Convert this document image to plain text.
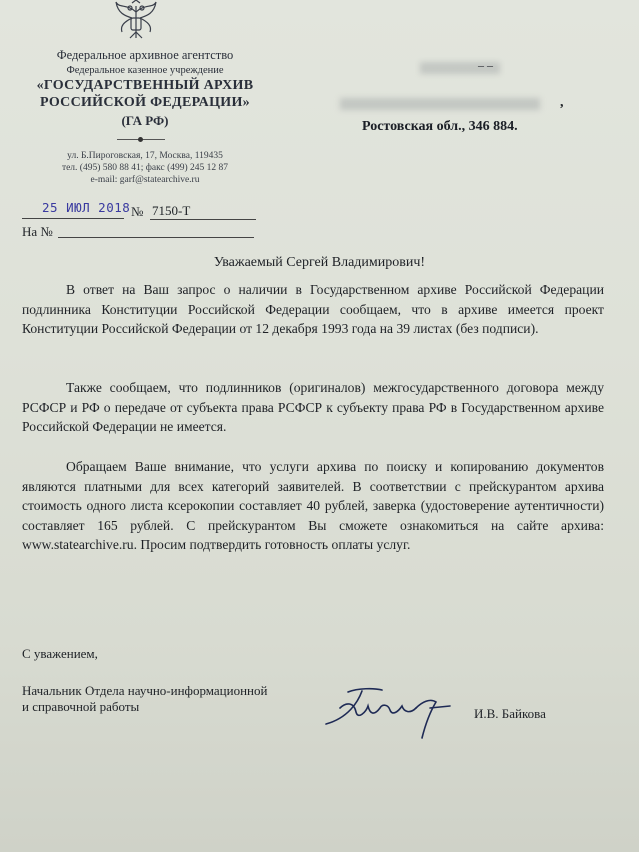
Федеральное архивное агентство
Федеральное казенное учреждение
«ГОСУДАРСТВЕННЫЙ АРХИВ
РОССИЙСКОЙ ФЕДЕРАЦИИ»
(ГА РФ)
ул. Б.Пироговская, 17, Москва, 119435
тел. (495) 580 88 41; факс (499) 245 12 87
e-mail: garf@statearchive.ru
– –
,
Ростовская обл., 346 884.
25 ИЮЛ 2018 № 7150-Т
На №
Уважаемый Сергей Владимирович!
В ответ на Ваш запрос о наличии в Государственном архиве Российской Федерации подлинника Конституции Российской Федерации сообщаем, что в архиве имеется проект Конституции Российской Федерации от 12 декабря 1993 года на 39 листах (без подписи).
Также сообщаем, что подлинников (оригиналов) межгосударственного договора между РСФСР и РФ о передаче от субъекта права РСФСР к субъекту права РФ в Государственном архиве Российской Федерации не имеется.
Обращаем Ваше внимание, что услуги архива по поиску и копированию документов являются платными для всех категорий заявителей. В соответствии с прейскурантом архива стоимость одного листа ксерокопии составляет 40 рублей, заверка (удостоверение аутентичности) составляет 165 рублей. С прейскурантом Вы сможете ознакомиться на сайте архива: www.statearchive.ru. Просим подтвердить готовность оплаты услуг.
С уважением,
Начальник Отдела научно-информационной
и справочной работы	И.В. Байкова
